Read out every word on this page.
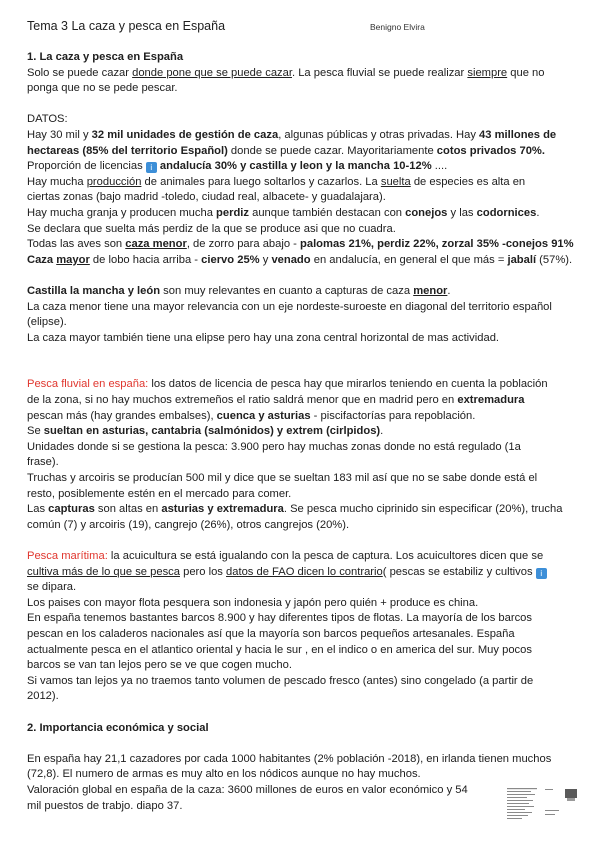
Tema 3 La caza y pesca en España	Benigno Elvira
1. La caza y pesca en España
Solo se puede cazar donde pone que se puede cazar. La pesca fluvial se puede realizar siempre que no
ponga que no se pede pescar.
DATOS:
Hay 30 mil y 32 mil unidades de gestión de caza, algunas públicas y otras privadas. Hay 43 millones de
hectareas (85% del territorio Español) donde se puede cazar. Mayoritariamente cotos privados 70%.
Proporción de licencias i andalucía 30% y castilla y leon y la mancha 10-12% ....
Hay mucha producción de animales para luego soltarlos y cazarlos. La suelta de especies es alta en
ciertas zonas (bajo madrid -toledo, ciudad real, albacete- y guadalajara).
Hay mucha granja y producen mucha perdiz aunque también destacan con conejos y las codornices.
Se declara que suelta más perdiz de la que se produce asi que no cuadra.
Todas las aves son caza menor, de zorro para abajo - palomas 21%, perdiz 22%, zorzal 35% -conejos 91%
Caza mayor de lobo hacia arriba - ciervo 25% y venado en andalucía, en general el que más = jabalí (57%).
Castilla la mancha y león son muy relevantes en cuanto a capturas de caza menor.
La caza menor tiene una mayor relevancia con un eje nordeste-suroeste en diagonal del territorio español
(elipse).
La caza mayor también tiene una elipse pero hay una zona central horizontal de mas actividad.
Pesca fluvial en españa: los datos de licencia de pesca hay que mirarlos teniendo en cuenta la población
de la zona, si no hay muchos extremeños el ratio saldrá menor que en madrid pero en extremadura
pescan más (hay grandes embalses), cuenca y asturias - piscifactorías para repoblación.
Se sueltan en asturias, cantabria (salmónidos) y extrem (cirlpidos).
Unidades donde si se gestiona la pesca: 3.900 pero hay muchas zonas donde no está regulado (1a
frase).
Truchas y arcoiris se producían 500 mil y dice que se sueltan 183 mil así que no se sabe donde está el
resto, posiblemente estén en el mercado para comer.
Las capturas son altas en asturias y extremadura. Se pesca mucho ciprinido sin especificar (20%), trucha
común (7) y arcoiris (19), cangrejo (26%), otros cangrejos (20%).
Pesca marítima: la acuicultura se está igualando con la pesca de captura. Los acuicultores dicen que se
cultiva más de lo que se pesca pero los datos de FAO dicen lo contrario( pescas se estabiliz y cultivos i
se dipara.
Los paises con mayor flota pesquera son indonesia y japón pero quién + produce es china.
En españa tenemos bastantes barcos 8.900 y hay diferentes tipos de flotas. La mayoría de los barcos
pescan en los caladeros nacionales así que la mayoría son barcos pequeños artesanales. España
actualmente pesca en el atlantico oriental y hacia le sur , en el indico o en america del sur. Muy pocos
barcos se van tan lejos pero se ve que cogen mucho.
Si vamos tan lejos ya no traemos tanto volumen de pescado fresco (antes) sino congelado (a partir de
2012).
2. Importancia económica y social
En españa hay 21,1 cazadores por cada 1000 habitantes (2% población -2018), en irlanda tienen muchos
(72,8). El numero de armas es muy alto en los nódicos aunque no hay muchos.
Valoración global en españa de la caza: 3600 millones de euros en valor económico y 54
mil puestos de trabjo. diapo 37.
